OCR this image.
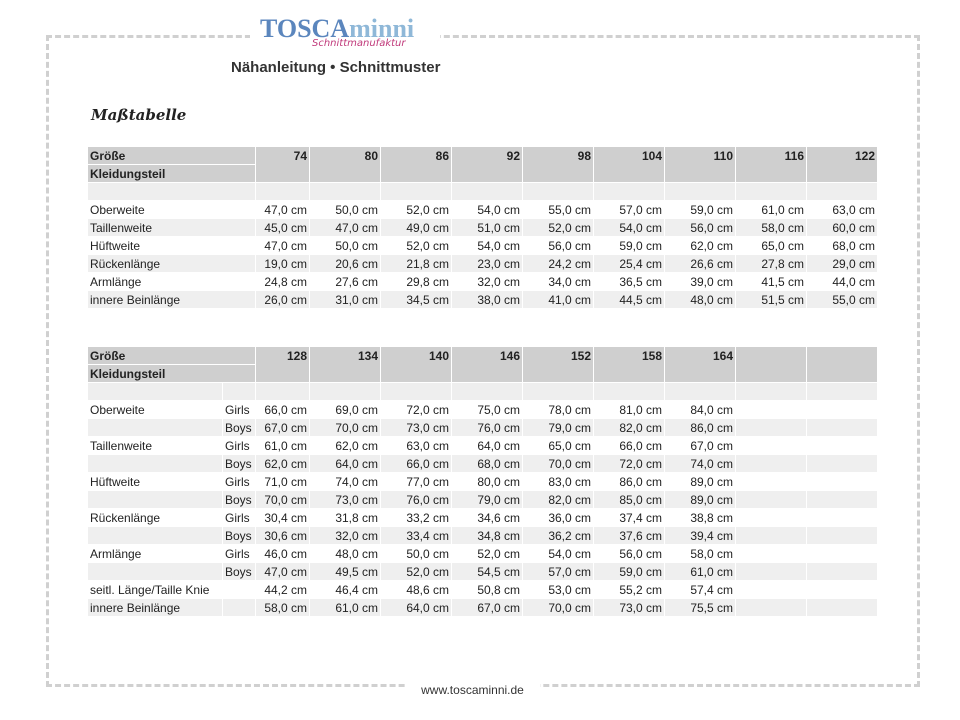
TOSCAminni
Schnittmanufaktur
Nähanleitung • Schnittmuster
Maßtabelle
Größe	74	80	86	92	98	104	110	116	122
Kleidungsteil									

Oberweite	47,0 cm	50,0 cm	52,0 cm	54,0 cm	55,0 cm	57,0 cm	59,0 cm	61,0 cm	63,0 cm
Taillenweite	45,0 cm	47,0 cm	49,0 cm	51,0 cm	52,0 cm	54,0 cm	56,0 cm	58,0 cm	60,0 cm
Hüftweite	47,0 cm	50,0 cm	52,0 cm	54,0 cm	56,0 cm	59,0 cm	62,0 cm	65,0 cm	68,0 cm
Rückenlänge	19,0 cm	20,6 cm	21,8 cm	23,0 cm	24,2 cm	25,4 cm	26,6 cm	27,8 cm	29,0 cm
Armlänge	24,8 cm	27,6 cm	29,8 cm	32,0 cm	34,0 cm	36,5 cm	39,0 cm	41,5 cm	44,0 cm
innere Beinlänge	26,0 cm	31,0 cm	34,5 cm	38,0 cm	41,0 cm	44,5 cm	48,0 cm	51,5 cm	55,0 cm
Größe		128	134	140	146	152	158	164		
Kleidungsteil										

Oberweite	Girls	66,0 cm	69,0 cm	72,0 cm	75,0 cm	78,0 cm	81,0 cm	84,0 cm		
	Boys	67,0 cm	70,0 cm	73,0 cm	76,0 cm	79,0 cm	82,0 cm	86,0 cm		
Taillenweite	Girls	61,0 cm	62,0 cm	63,0 cm	64,0 cm	65,0 cm	66,0 cm	67,0 cm		
	Boys	62,0 cm	64,0 cm	66,0 cm	68,0 cm	70,0 cm	72,0 cm	74,0 cm		
Hüftweite	Girls	71,0 cm	74,0 cm	77,0 cm	80,0 cm	83,0 cm	86,0 cm	89,0 cm		
	Boys	70,0 cm	73,0 cm	76,0 cm	79,0 cm	82,0 cm	85,0 cm	89,0 cm		
Rückenlänge	Girls	30,4 cm	31,8 cm	33,2 cm	34,6 cm	36,0 cm	37,4 cm	38,8 cm		
	Boys	30,6 cm	32,0 cm	33,4 cm	34,8 cm	36,2 cm	37,6 cm	39,4 cm		
Armlänge	Girls	46,0 cm	48,0 cm	50,0 cm	52,0 cm	54,0 cm	56,0 cm	58,0 cm		
	Boys	47,0 cm	49,5 cm	52,0 cm	54,5 cm	57,0 cm	59,0 cm	61,0 cm		
seitl. Länge/Taille Knie		44,2 cm	46,4 cm	48,6 cm	50,8 cm	53,0 cm	55,2 cm	57,4 cm		
innere Beinlänge		58,0 cm	61,0 cm	64,0 cm	67,0 cm	70,0 cm	73,0 cm	75,5 cm		
www.toscaminni.de
